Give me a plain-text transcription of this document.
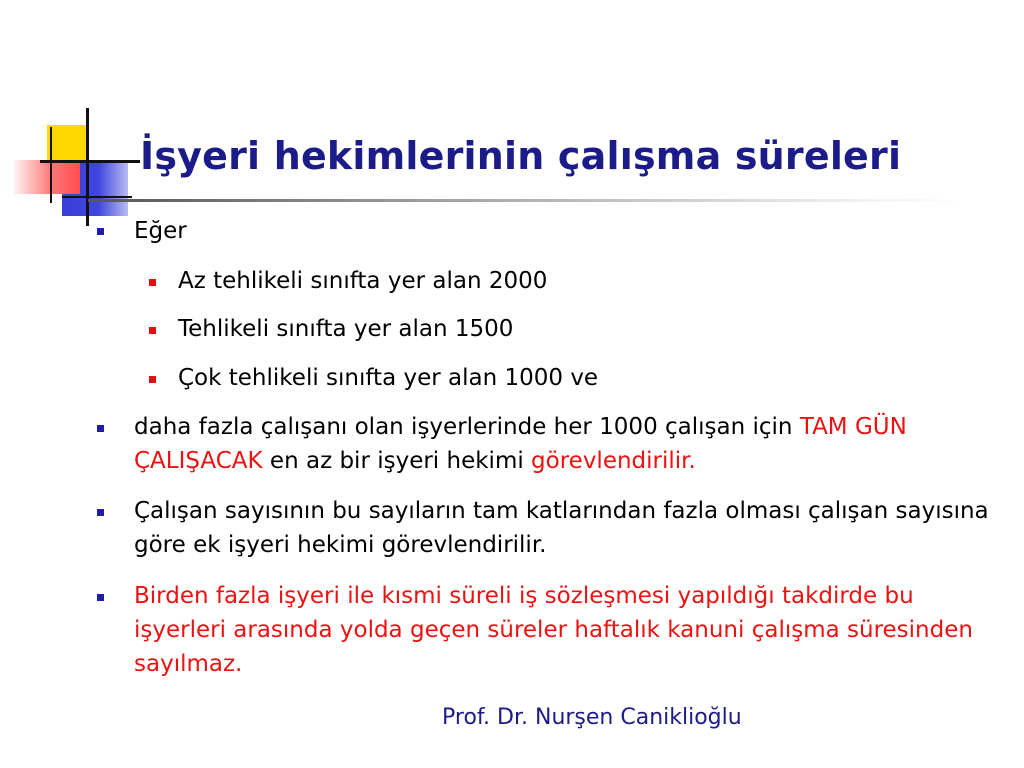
İşyeri hekimlerinin çalışma süreleri
Eğer
Az tehlikeli sınıfta yer alan 2000
Tehlikeli sınıfta yer alan 1500
Çok tehlikeli sınıfta yer alan 1000 ve
daha fazla çalışanı olan işyerlerinde her 1000 çalışan için TAM GÜN ÇALIŞACAK en az bir işyeri hekimi görevlendirilir.
Çalışan sayısının bu sayıların tam katlarından fazla olması çalışan sayısına göre ek işyeri hekimi görevlendirilir.
Birden fazla işyeri ile kısmi süreli iş sözleşmesi yapıldığı takdirde bu işyerleri arasında yolda geçen süreler haftalık kanuni çalışma süresinden sayılmaz.
Prof. Dr. Nurşen Caniklioğlu
